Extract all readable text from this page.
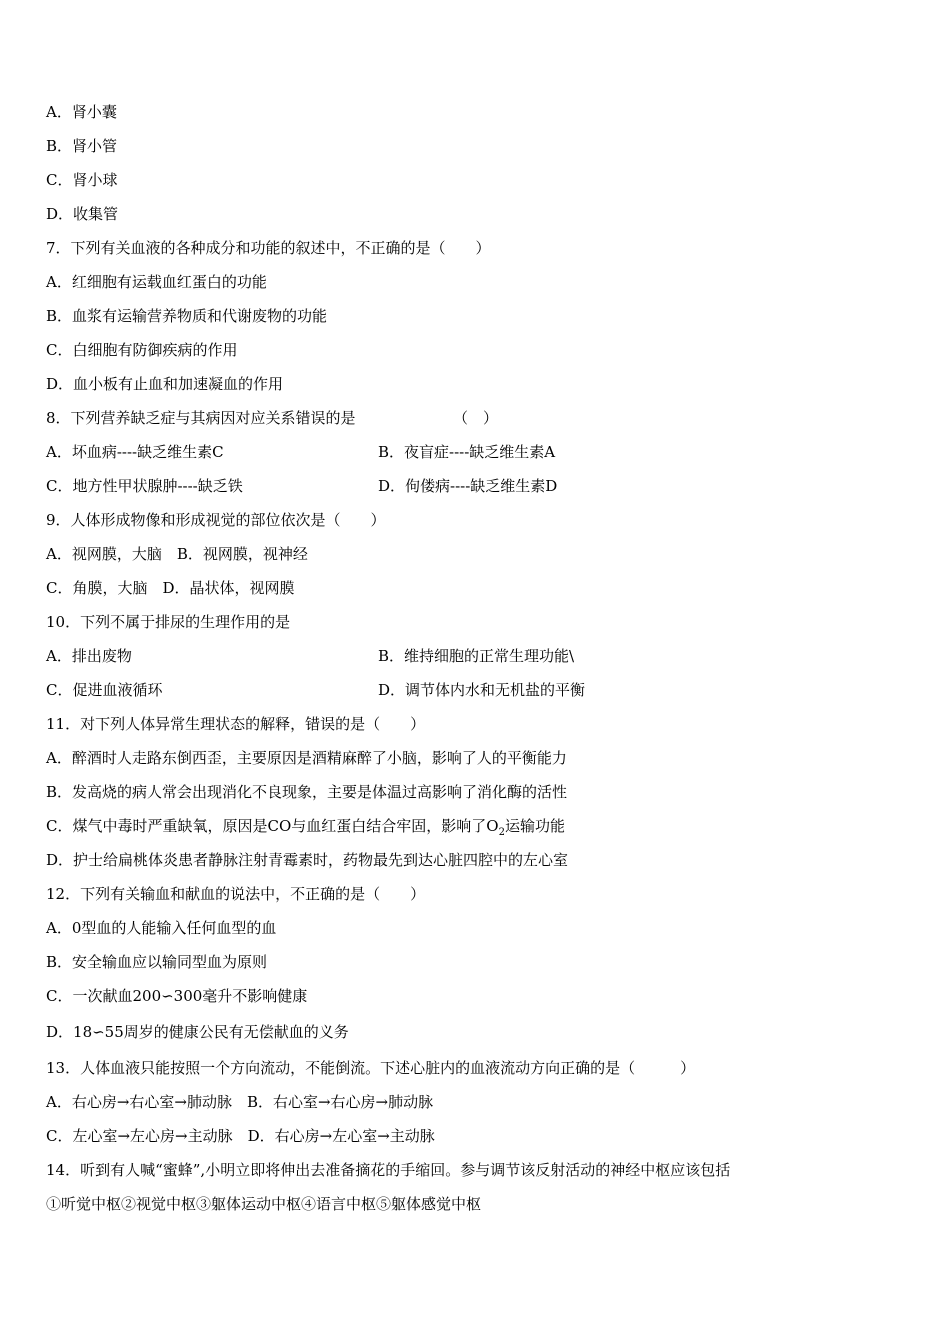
A．肾小囊
B．肾小管
C．肾小球
D．收集管
7．下列有关血液的各种成分和功能的叙述中，不正确的是（　　）
A．红细胞有运载血红蛋白的功能
B．血浆有运输营养物质和代谢废物的功能
C．白细胞有防御疾病的作用
D．血小板有止血和加速凝血的作用
8．下列营养缺乏症与其病因对应关系错误的是　　　　　　　（　）
A．坏血病----缺乏维生素C	B．夜盲症----缺乏维生素A
C．地方性甲状腺肿----缺乏铁	D．佝偻病----缺乏维生素D
9．人体形成物像和形成视觉的部位依次是（　　）
A．视网膜，大脑　B．视网膜，视神经
C．角膜，大脑　D．晶状体，视网膜
10．下列不属于排尿的生理作用的是
A．排出废物	B．维持细胞的正常生理功能\
C．促进血液循环	D．调节体内水和无机盐的平衡
11．对下列人体异常生理状态的解释，错误的是（　　）
A．醉酒时人走路东倒西歪，主要原因是酒精麻醉了小脑，影响了人的平衡能力
B．发高烧的病人常会出现消化不良现象，主要是体温过高影响了消化酶的活性
C．煤气中毒时严重缺氧，原因是CO与血红蛋白结合牢固，影响了$O_2$运输功能
D．护士给扁桃体炎患者静脉注射青霉素时，药物最先到达心脏四腔中的左心室
12．下列有关输血和献血的说法中，不正确的是（　　）
A．0型血的人能输入任何血型的血
B．安全输血应以输同型血为原则
C．一次献血200∽300毫升不影响健康
D．18∽55周岁的健康公民有无偿献血的义务
13．人体血液只能按照一个方向流动，不能倒流。下述心脏内的血液流动方向正确的是（　　　）
A．右心房→右心室→肺动脉　B．右心室→右心房→肺动脉
C．左心室→左心房→主动脉　D．右心房→左心室→主动脉
14．听到有人喊“蜜蜂”,小明立即将伸出去准备摘花的手缩回。参与调节该反射活动的神经中枢应该包括
①听觉中枢②视觉中枢③躯体运动中枢④语言中枢⑤躯体感觉中枢
